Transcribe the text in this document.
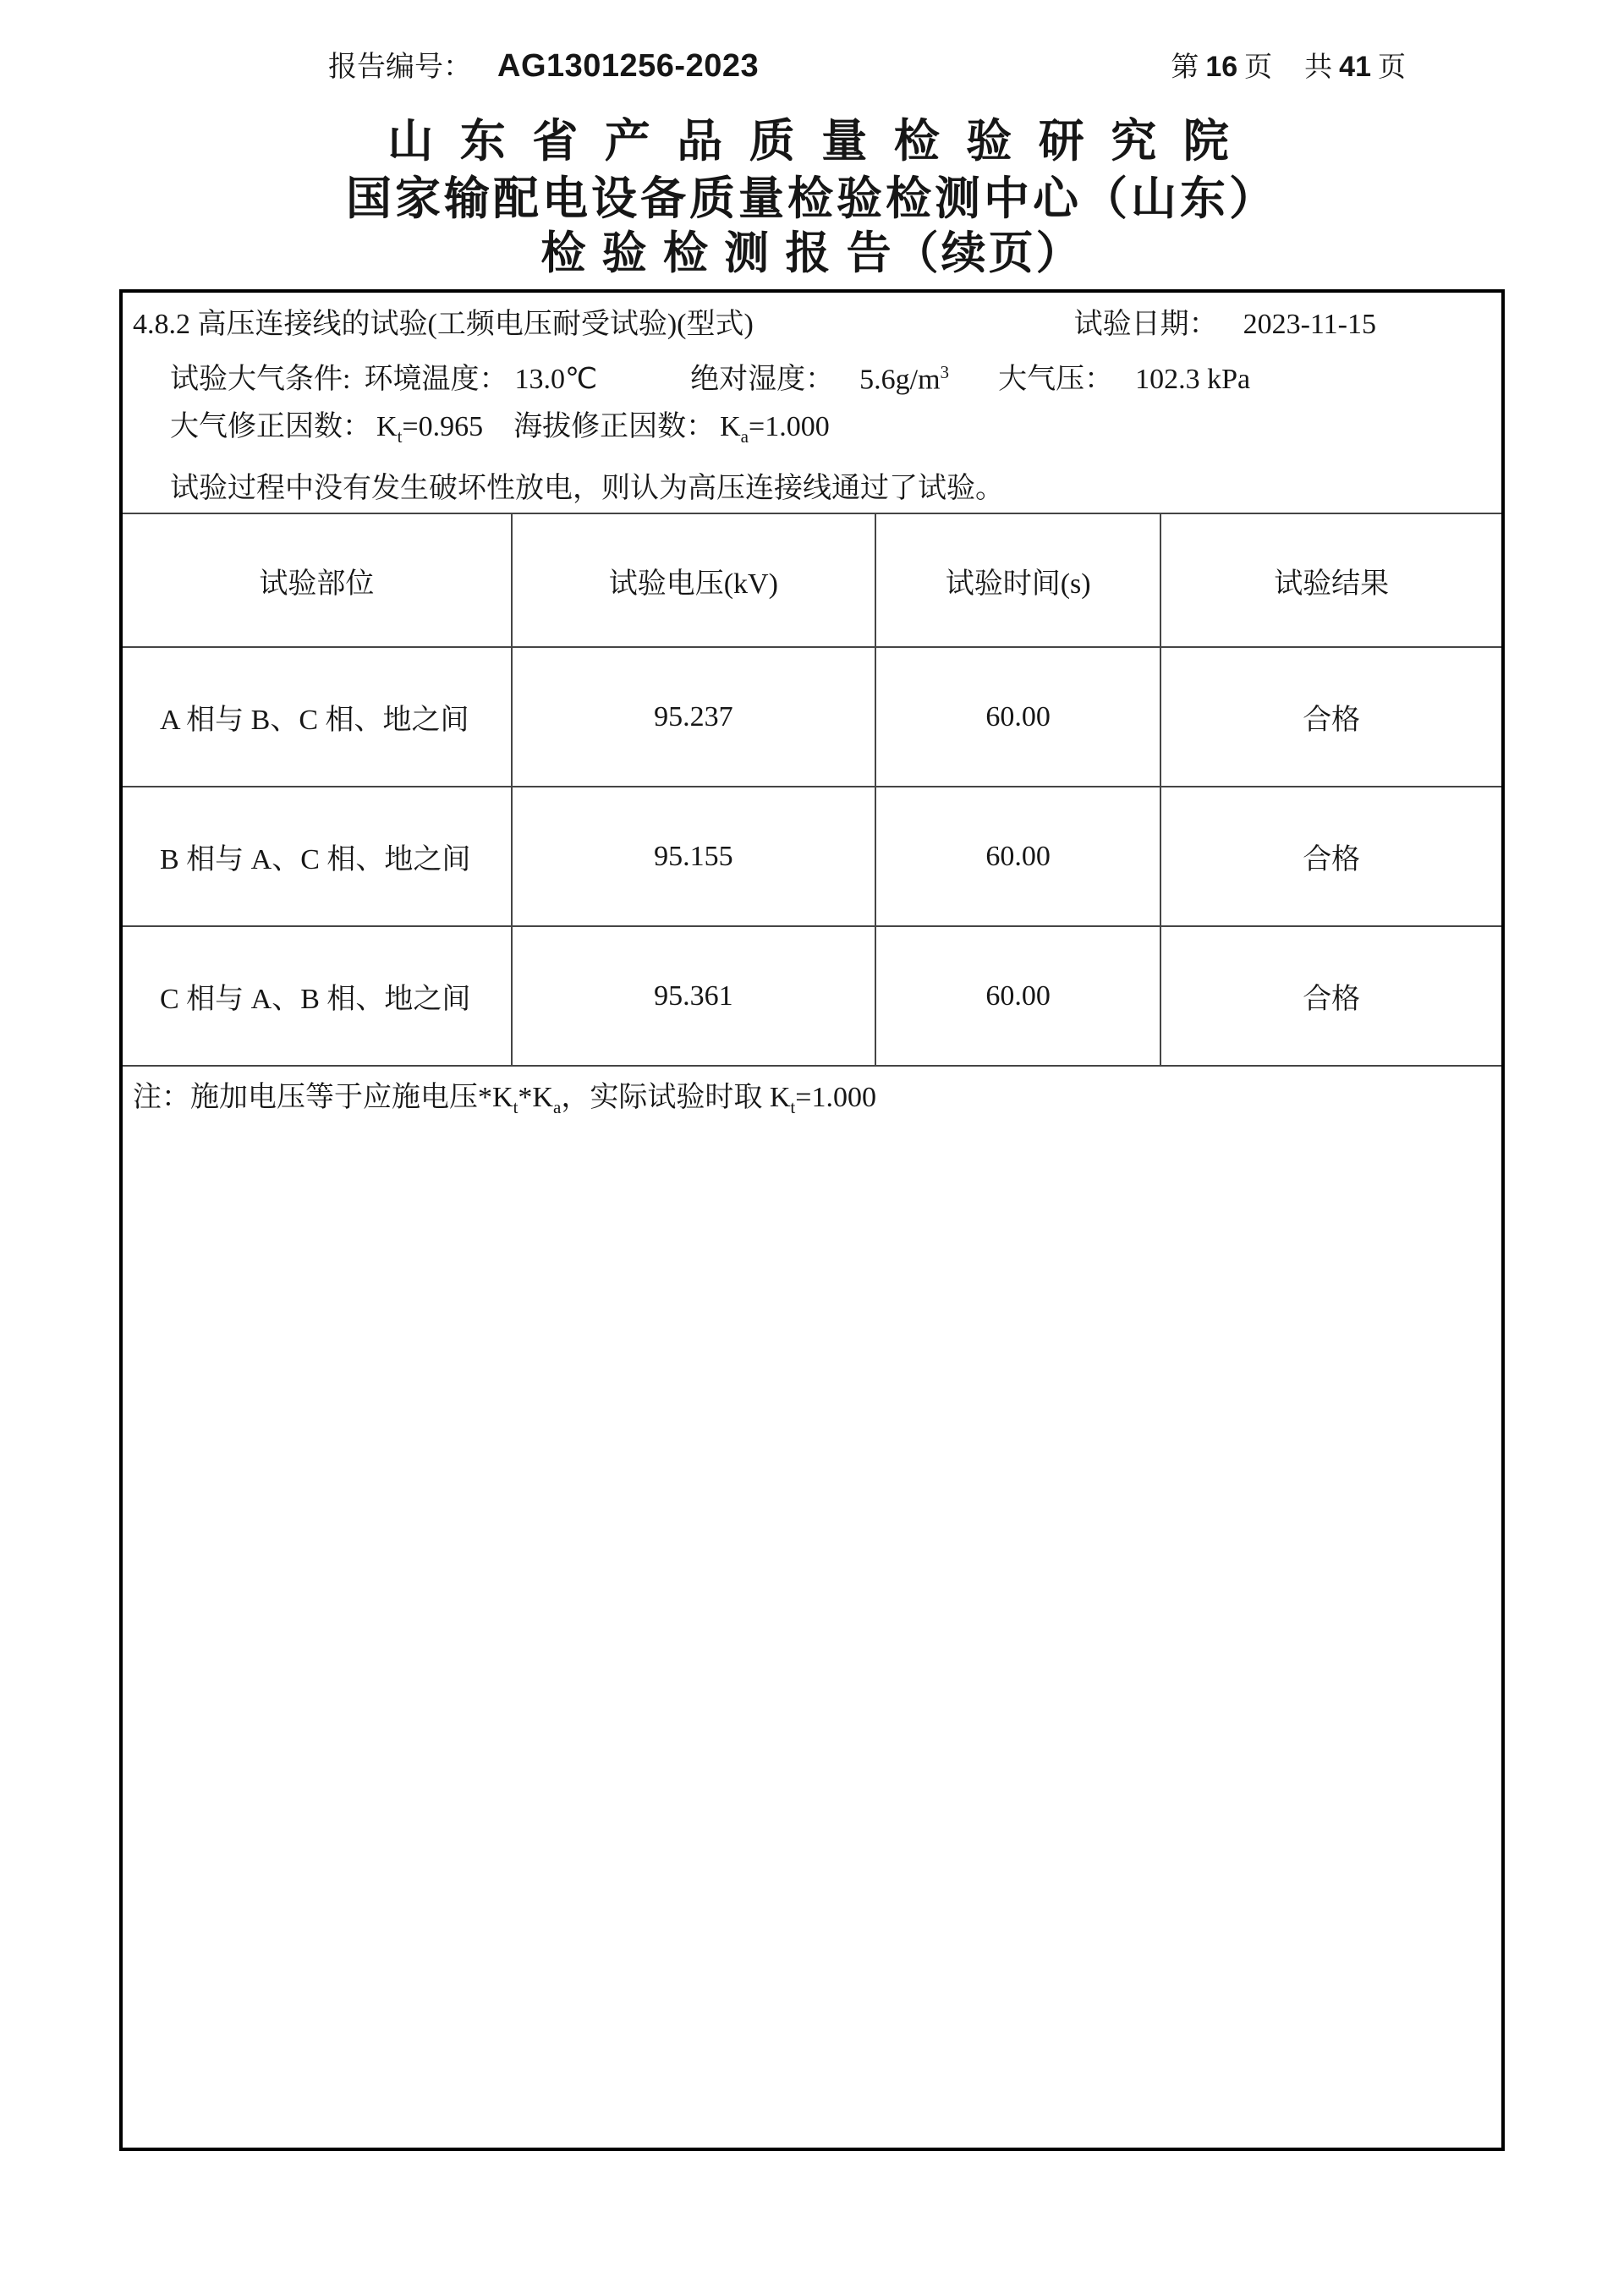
报告编号： AG1301256-2023	第 16 页 共 41 页
山 东 省 产 品 质 量 检 验 研 究 院
国家输配电设备质量检验检测中心（山东）
检 验 检 测 报 告（续页）
4.8.2 高压连接线的试验(工频电压耐受试验)(型式)	试验日期： 2023-11-15
试验大气条件: 环境温度： 13.0℃	绝对湿度： $5.6g/m^3$ 大气压： 102.3 kPa
大气修正因数： $K_t=0.965$ 海拔修正因数： $K_a=1.000$
试验过程中没有发生破坏性放电，则认为高压连接线通过了试验。
试验部位	试验电压(kV)	试验时间(s)	试验结果
A 相与 B、C 相、地之间	95.237	60.00	合格
B 相与 A、C 相、地之间	95.155	60.00	合格
C 相与 A、B 相、地之间	95.361	60.00	合格
注：施加电压等于应施电压$*K_t*K_a$，实际试验时取 $K_t=1.000$
